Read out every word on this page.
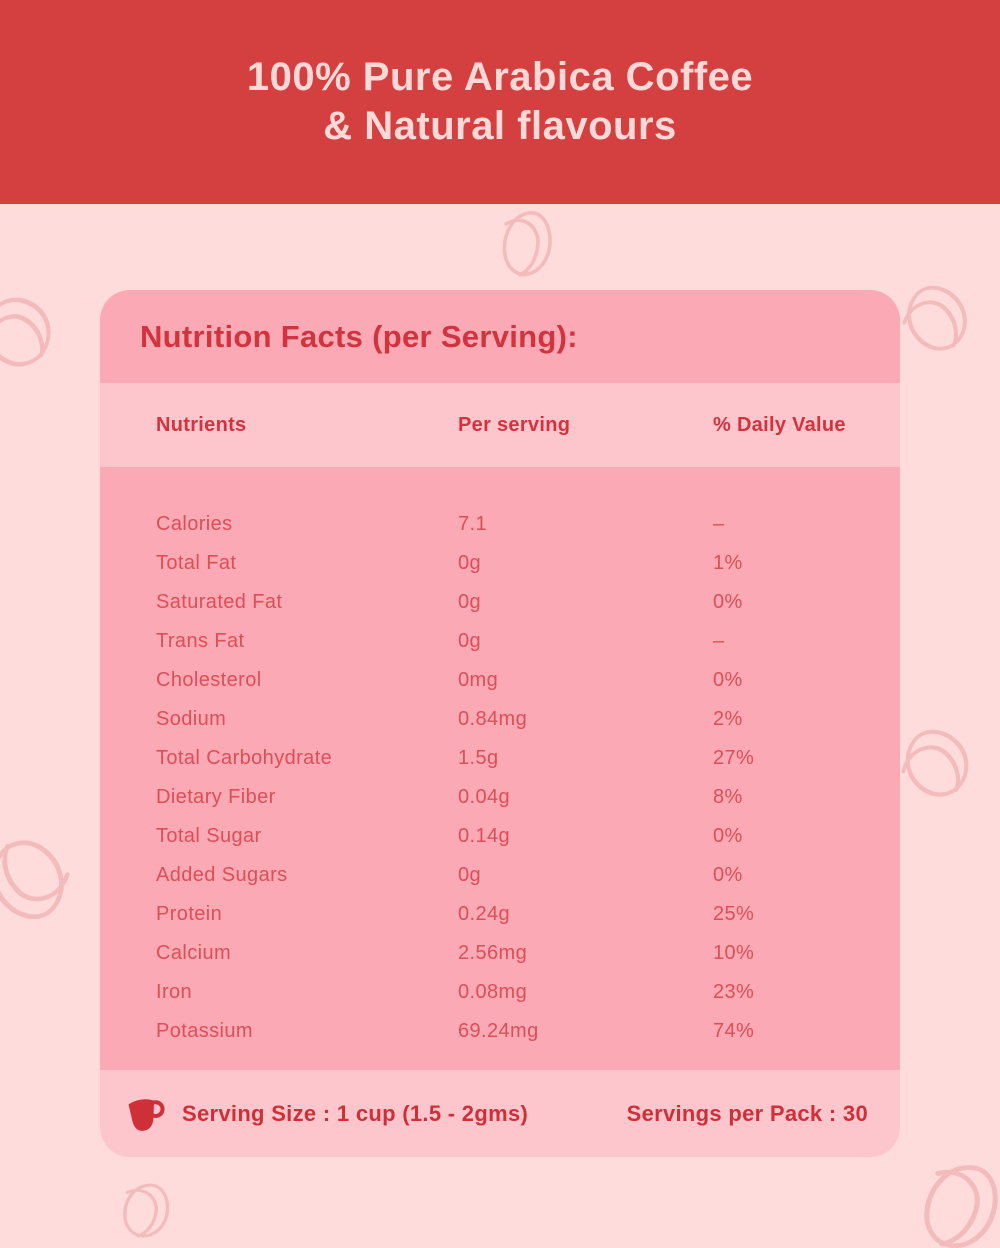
100% Pure Arabica Coffee
& Natural flavours
Nutrition Facts (per Serving):
Nutrients	Per serving	% Daily Value
Calories	7.1	–
Total Fat	0g	1%
Saturated Fat	0g	0%
Trans Fat	0g	–
Cholesterol	0mg	0%
Sodium	0.84mg	2%
Total Carbohydrate	1.5g	27%
Dietary Fiber	0.04g	8%
Total Sugar	0.14g	0%
Added Sugars	0g	0%
Protein	0.24g	25%
Calcium	2.56mg	10%
Iron	0.08mg	23%
Potassium	69.24mg	74%
Serving Size : 1 cup (1.5 - 2gms)	Servings per Pack : 30
